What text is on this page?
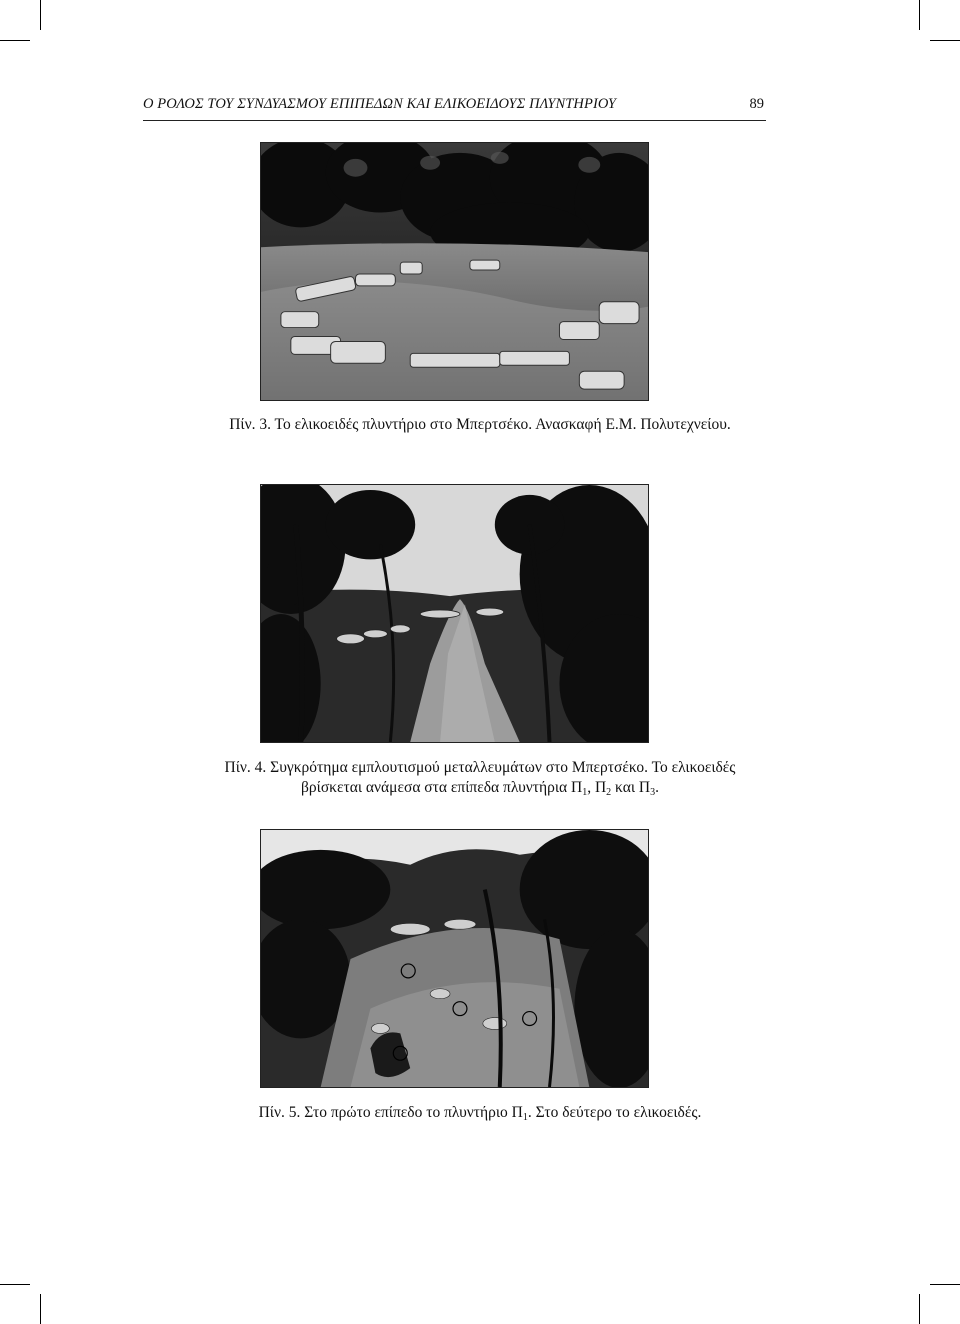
Ο ΡΟΛΟΣ ΤΟΥ ΣΥΝΔΥΑΣΜΟΥ ΕΠΙΠΕΔΩΝ ΚΑΙ ΕΛΙΚΟΕΙΔΟΥΣ ΠΛΥΝΤΗΡΙΟΥ	89
Πίν. 3. Το ελικοειδές πλυντήριο στο Μπερτσέκο. Ανασκαφή Ε.Μ. Πολυτεχνείου.
Πίν. 4. Συγκρότημα εμπλουτισμού μεταλλευμάτων στο Μπερτσέκο. Το ελικοειδές
βρίσκεται ανάμεσα στα επίπεδα πλυντήρια $\Pi_1$, $\Pi_2$ και $\Pi_3$.
Πίν. 5. Στο πρώτο επίπεδο το πλυντήριο $\Pi_1$. Στο δεύτερο το ελικοειδές.
